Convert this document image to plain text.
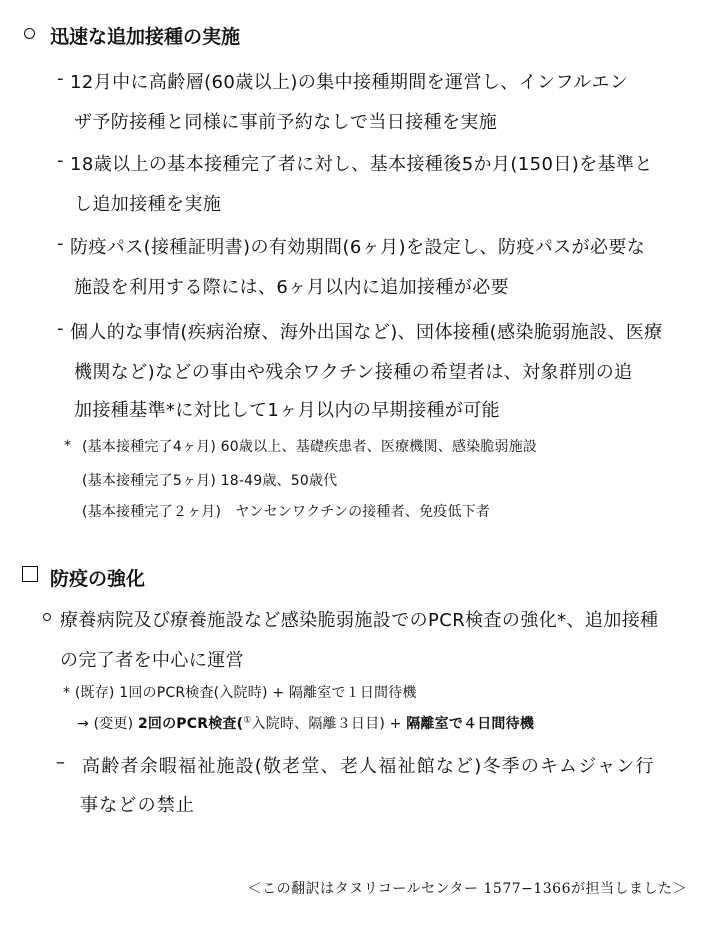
迅速な追加接種の実施
- 12月中に高齢層(60歳以上)の集中接種期間を運営し、インフルエン
ザ予防接種と同様に事前予約なしで当日接種を実施
- 18歳以上の基本接種完了者に対し、基本接種後5か月(150日)を基準と
し追加接種を実施
- 防疫パス(接種証明書)の有効期間(6ヶ月)を設定し、防疫パスが必要な
施設を利用する際には、6ヶ月以内に追加接種が必要
- 個人的な事情(疾病治療、海外出国など)、団体接種(感染脆弱施設、医療
機関など)などの事由や残余ワクチン接種の希望者は、対象群別の追
加接種基準*に対比して1ヶ月以内の早期接種が可能
* (基本接種完了4ヶ月) 60歳以上、基礎疾患者、医療機関、感染脆弱施設
(基本接種完了5ヶ月) 18-49歳、50歳代
(基本接種完了２ヶ月)　ヤンセンワクチンの接種者、免疫低下者
防疫の強化
療養病院及び療養施設など感染脆弱施設でのPCR検査の強化*、追加接種
の完了者を中心に運営
* (既存) 1回のPCR検査(入院時) + 隔離室で１日間待機
→ (変更) 2回のPCR検査(①入院時、隔離３日目) + 隔離室で４日間待機
– 高齢者余暇福祉施設(敬老堂、老人福祉館など)冬季のキムジャン行
事などの禁止
＜この翻訳はタヌリコールセンター 1577−1366が担当しました＞
